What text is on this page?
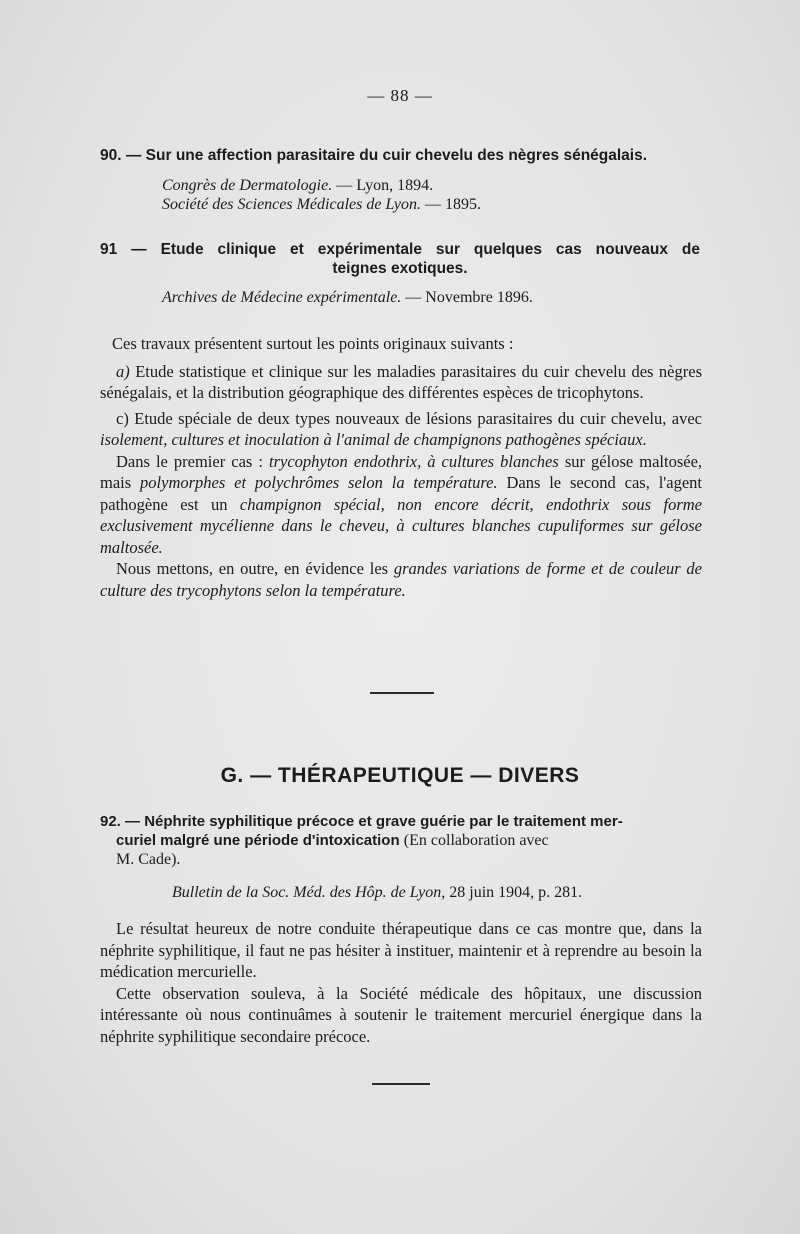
— 88 —
90. — Sur une affection parasitaire du cuir chevelu des nègres sénégalais.
Congrès de Dermatologie. — Lyon, 1894.
Société des Sciences Médicales de Lyon. — 1895.
91 — Etude clinique et expérimentale sur quelques cas nouveaux de
teignes exotiques.
Archives de Médecine expérimentale. — Novembre 1896.

Ces travaux présentent surtout les points originaux suivants :

a) Etude statistique et clinique sur les maladies parasitaires du cuir chevelu des nègres sénégalais, et la distribution géographique des différentes espèces de tricophytons.

c) Etude spéciale de deux types nouveaux de lésions parasitaires du cuir chevelu, avec isolement, cultures et inoculation à l'animal de champignons pathogènes spéciaux.

Dans le premier cas : trycophyton endothrix, à cultures blanches sur gélose maltosée, mais polymorphes et polychrômes selon la température. Dans le second cas, l'agent pathogène est un champignon spécial, non encore décrit, endothrix sous forme exclusivement mycélienne dans le cheveu, à cultures blanches cupuliformes sur gélose maltosée.

Nous mettons, en outre, en évidence les grandes variations de forme et de couleur de culture des trycophytons selon la température.

G. — THÉRAPEUTIQUE — DIVERS
92. — Néphrite syphilitique précoce et grave guérie par le traitement mer-
curiel malgré une période d'intoxication (En collaboration avec
M. Cade).
Bulletin de la Soc. Méd. des Hôp. de Lyon, 28 juin 1904, p. 281.

Le résultat heureux de notre conduite thérapeutique dans ce cas montre que, dans la néphrite syphilitique, il faut ne pas hésiter à instituer, maintenir et à reprendre au besoin la médication mercurielle.

Cette observation souleva, à la Société médicale des hôpitaux, une discussion intéressante où nous continuâmes à soutenir le traitement mercuriel énergique dans la néphrite syphilitique secondaire précoce.
